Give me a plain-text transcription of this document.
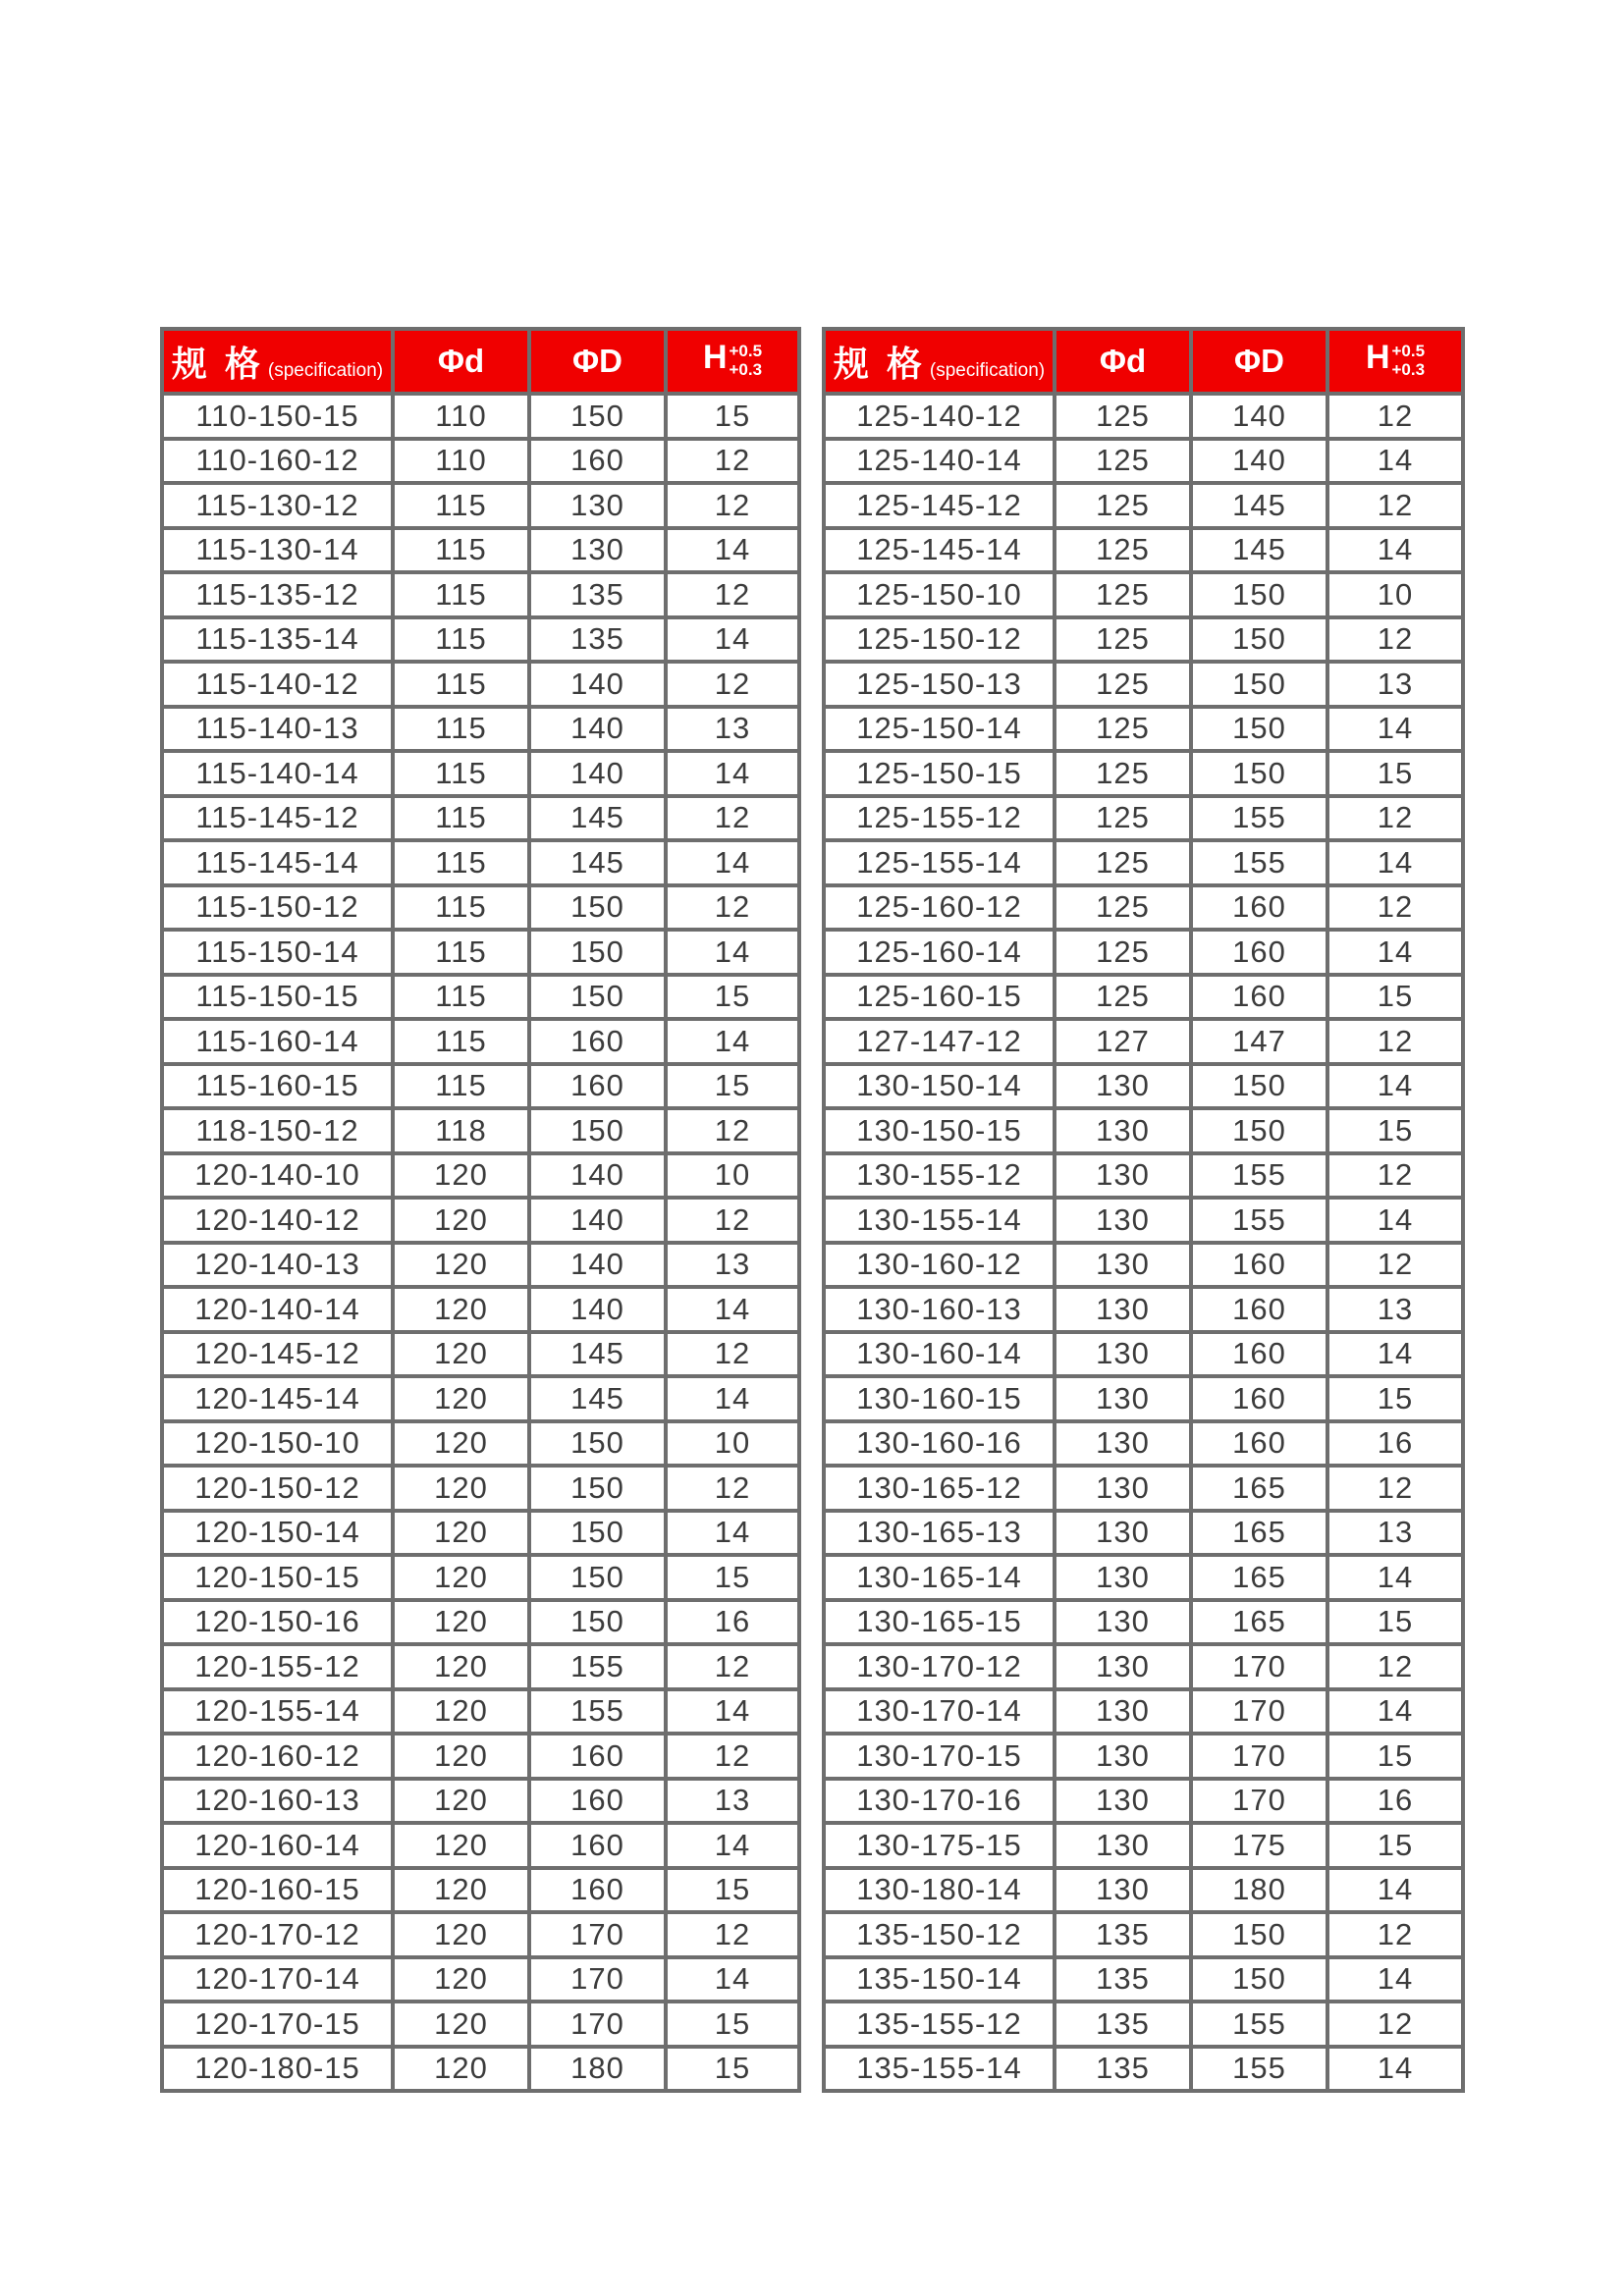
规 格 (specification)	Φd	ΦD	H +0.5
+0.3

110-150-15	110	150	15
110-160-12	110	160	12
115-130-12	115	130	12
115-130-14	115	130	14
115-135-12	115	135	12
115-135-14	115	135	14
115-140-12	115	140	12
115-140-13	115	140	13
115-140-14	115	140	14
115-145-12	115	145	12
115-145-14	115	145	14
115-150-12	115	150	12
115-150-14	115	150	14
115-150-15	115	150	15
115-160-14	115	160	14
115-160-15	115	160	15
118-150-12	118	150	12
120-140-10	120	140	10
120-140-12	120	140	12
120-140-13	120	140	13
120-140-14	120	140	14
120-145-12	120	145	12
120-145-14	120	145	14
120-150-10	120	150	10
120-150-12	120	150	12
120-150-14	120	150	14
120-150-15	120	150	15
120-150-16	120	150	16
120-155-12	120	155	12
120-155-14	120	155	14
120-160-12	120	160	12
120-160-13	120	160	13
120-160-14	120	160	14
120-160-15	120	160	15
120-170-12	120	170	12
120-170-14	120	170	14
120-170-15	120	170	15
120-180-15	120	180	15
规 格 (specification)	Φd	ΦD	H +0.5
+0.3

125-140-12	125	140	12
125-140-14	125	140	14
125-145-12	125	145	12
125-145-14	125	145	14
125-150-10	125	150	10
125-150-12	125	150	12
125-150-13	125	150	13
125-150-14	125	150	14
125-150-15	125	150	15
125-155-12	125	155	12
125-155-14	125	155	14
125-160-12	125	160	12
125-160-14	125	160	14
125-160-15	125	160	15
127-147-12	127	147	12
130-150-14	130	150	14
130-150-15	130	150	15
130-155-12	130	155	12
130-155-14	130	155	14
130-160-12	130	160	12
130-160-13	130	160	13
130-160-14	130	160	14
130-160-15	130	160	15
130-160-16	130	160	16
130-165-12	130	165	12
130-165-13	130	165	13
130-165-14	130	165	14
130-165-15	130	165	15
130-170-12	130	170	12
130-170-14	130	170	14
130-170-15	130	170	15
130-170-16	130	170	16
130-175-15	130	175	15
130-180-14	130	180	14
135-150-12	135	150	12
135-150-14	135	150	14
135-155-12	135	155	12
135-155-14	135	155	14
